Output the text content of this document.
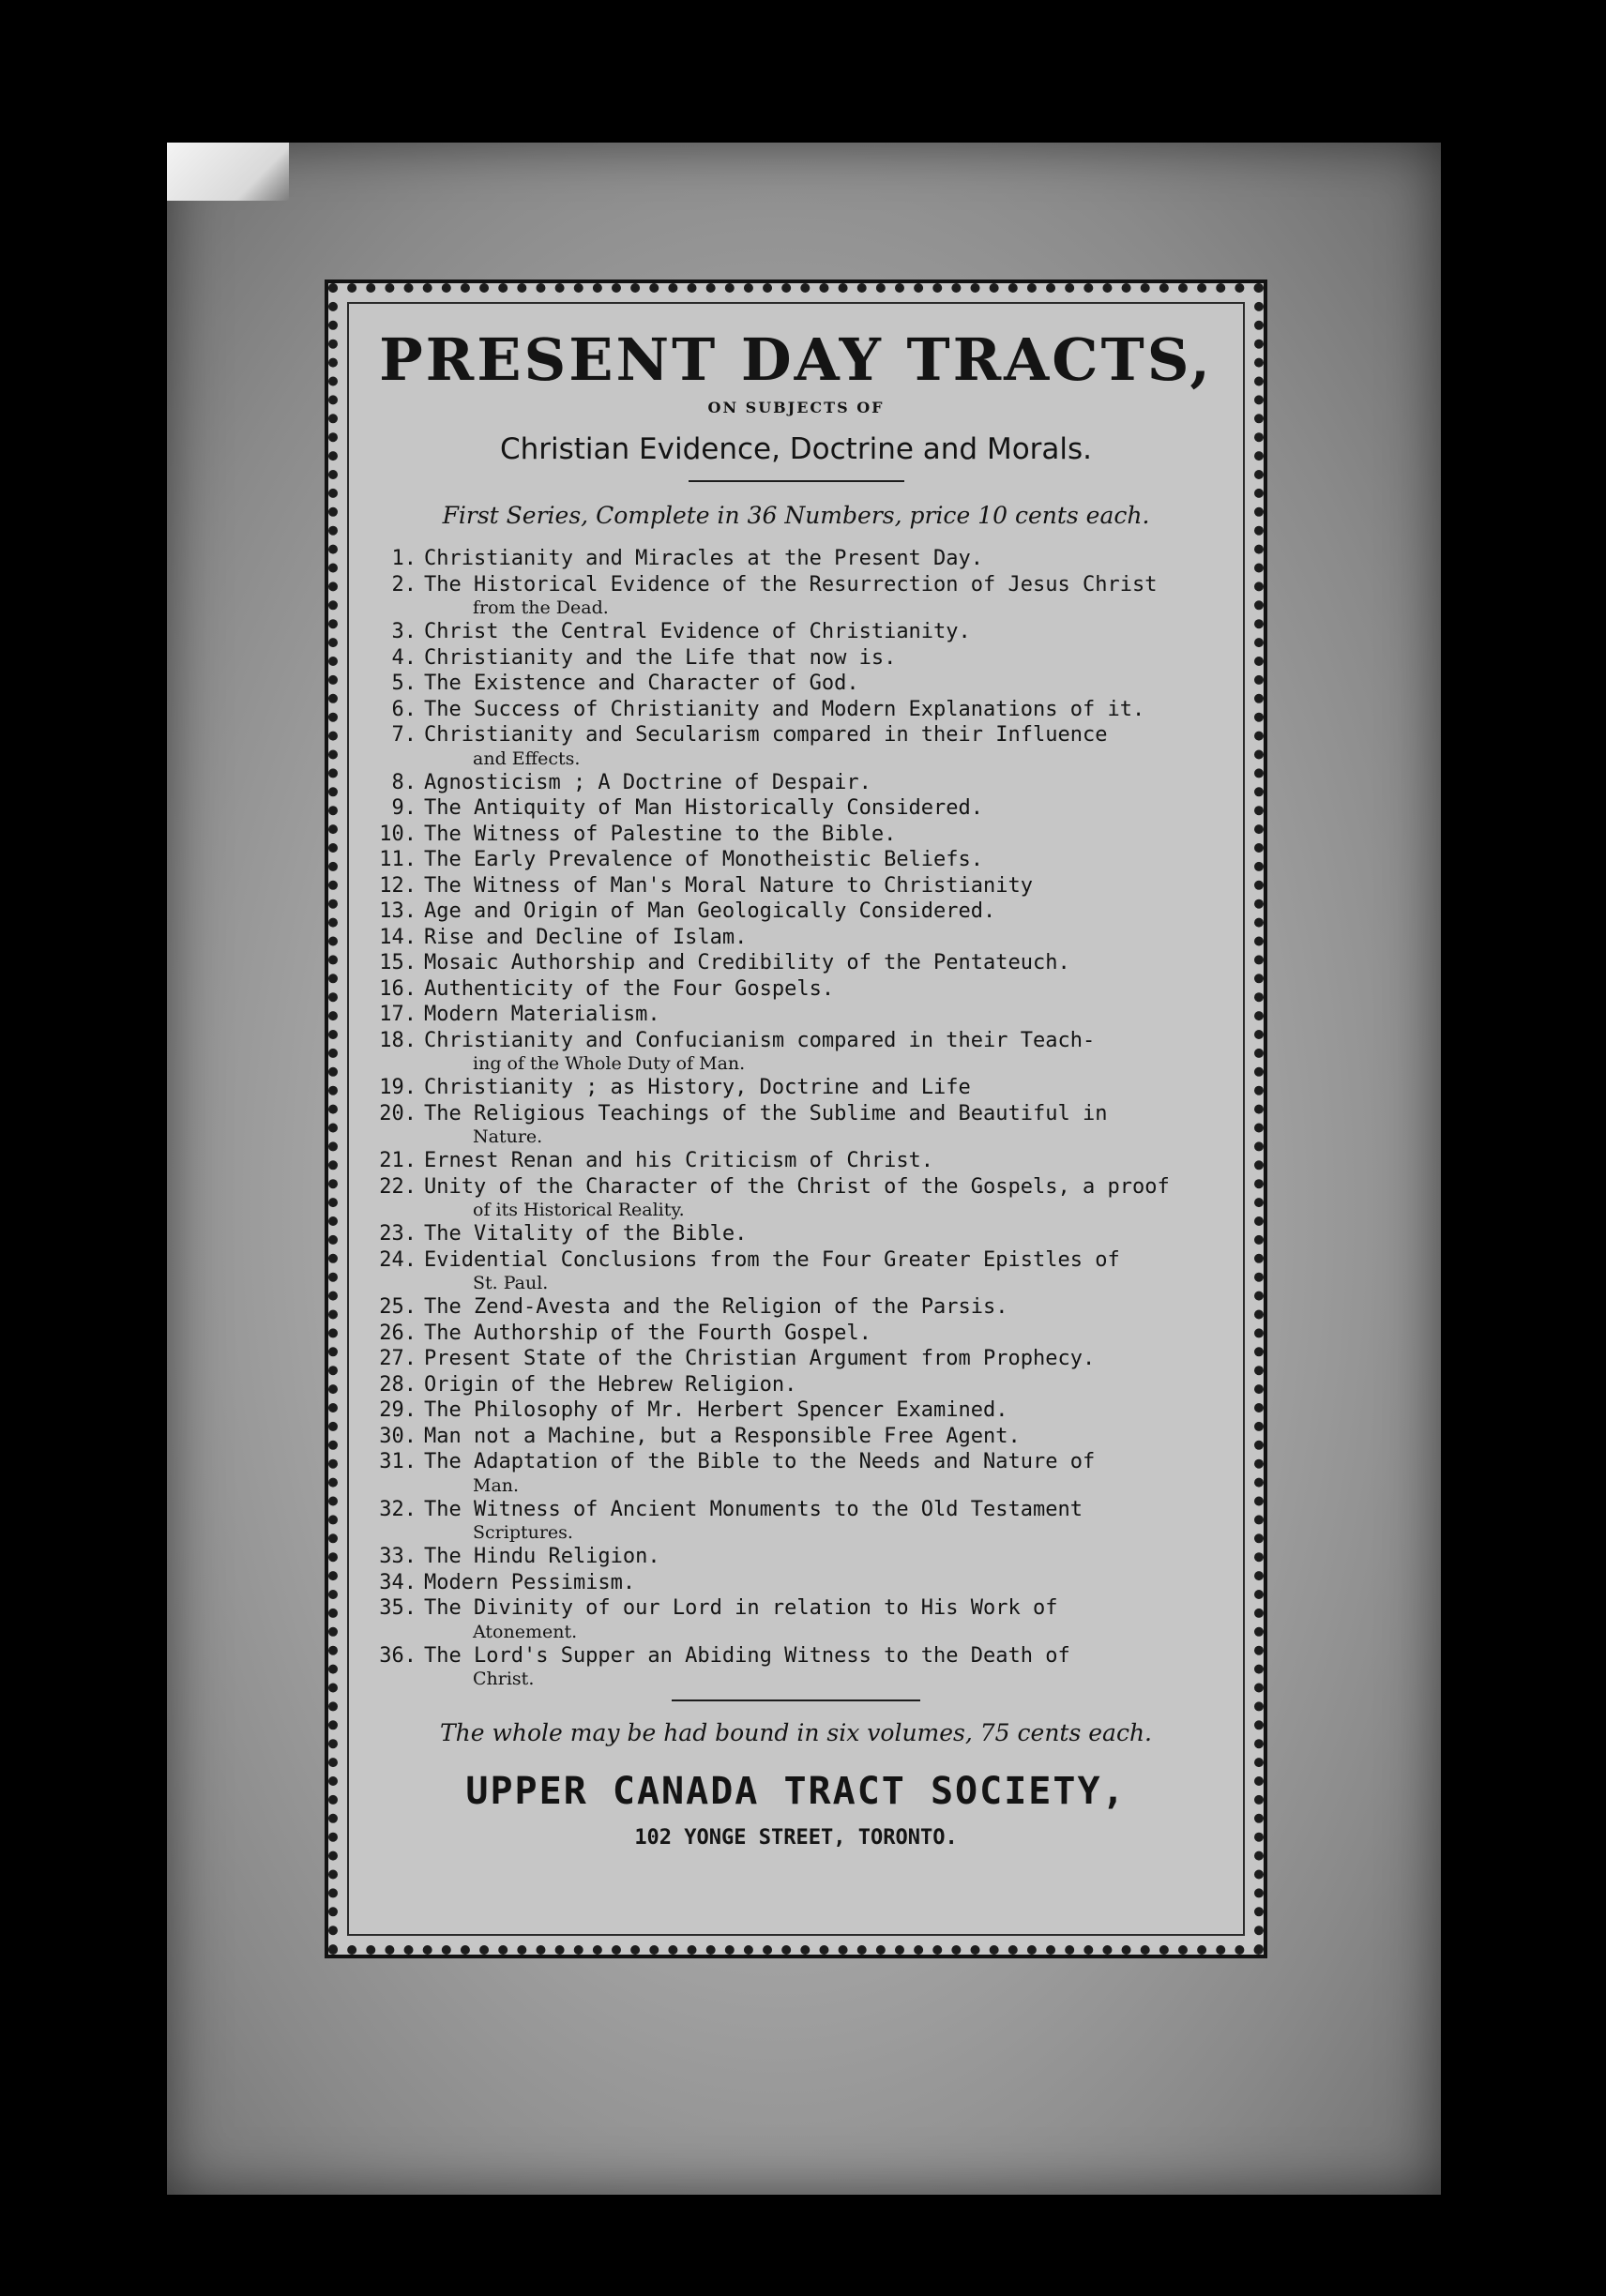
PRESENT DAY TRACTS,

ON SUBJECTS OF

Christian Evidence, Doctrine and Morals.

First Series, Complete in 36 Numbers, price 10 cents each.

1. Christianity and Miracles at the Present Day.
2. The Historical Evidence of the Resurrection of Jesus Christ
from the Dead.
3. Christ the Central Evidence of Christianity.
4. Christianity and the Life that now is.
5. The Existence and Character of God.
6. The Success of Christianity and Modern Explanations of it.
7. Christianity and Secularism compared in their Influence
and Effects.
8. Agnosticism ; A Doctrine of Despair.
9. The Antiquity of Man Historically Considered.
10. The Witness of Palestine to the Bible.
11. The Early Prevalence of Monotheistic Beliefs.
12. The Witness of Man's Moral Nature to Christianity
13. Age and Origin of Man Geologically Considered.
14. Rise and Decline of Islam.
15. Mosaic Authorship and Credibility of the Pentateuch.
16. Authenticity of the Four Gospels.
17. Modern Materialism.
18. Christianity and Confucianism compared in their Teach-
ing of the Whole Duty of Man.
19. Christianity ; as History, Doctrine and Life
20. The Religious Teachings of the Sublime and Beautiful in
Nature.
21. Ernest Renan and his Criticism of Christ.
22. Unity of the Character of the Christ of the Gospels, a proof
of its Historical Reality.
23. The Vitality of the Bible.
24. Evidential Conclusions from the Four Greater Epistles of
St. Paul.
25. The Zend-Avesta and the Religion of the Parsis.
26. The Authorship of the Fourth Gospel.
27. Present State of the Christian Argument from Prophecy.
28. Origin of the Hebrew Religion.
29. The Philosophy of Mr. Herbert Spencer Examined.
30. Man not a Machine, but a Responsible Free Agent.
31. The Adaptation of the Bible to the Needs and Nature of
Man.
32. The Witness of Ancient Monuments to the Old Testament
Scriptures.
33. The Hindu Religion.
34. Modern Pessimism.
35. The Divinity of our Lord in relation to His Work of
Atonement.
36. The Lord's Supper an Abiding Witness to the Death of
Christ.

The whole may be had bound in six volumes, 75 cents each.

UPPER CANADA TRACT SOCIETY,

102 YONGE STREET, TORONTO.
